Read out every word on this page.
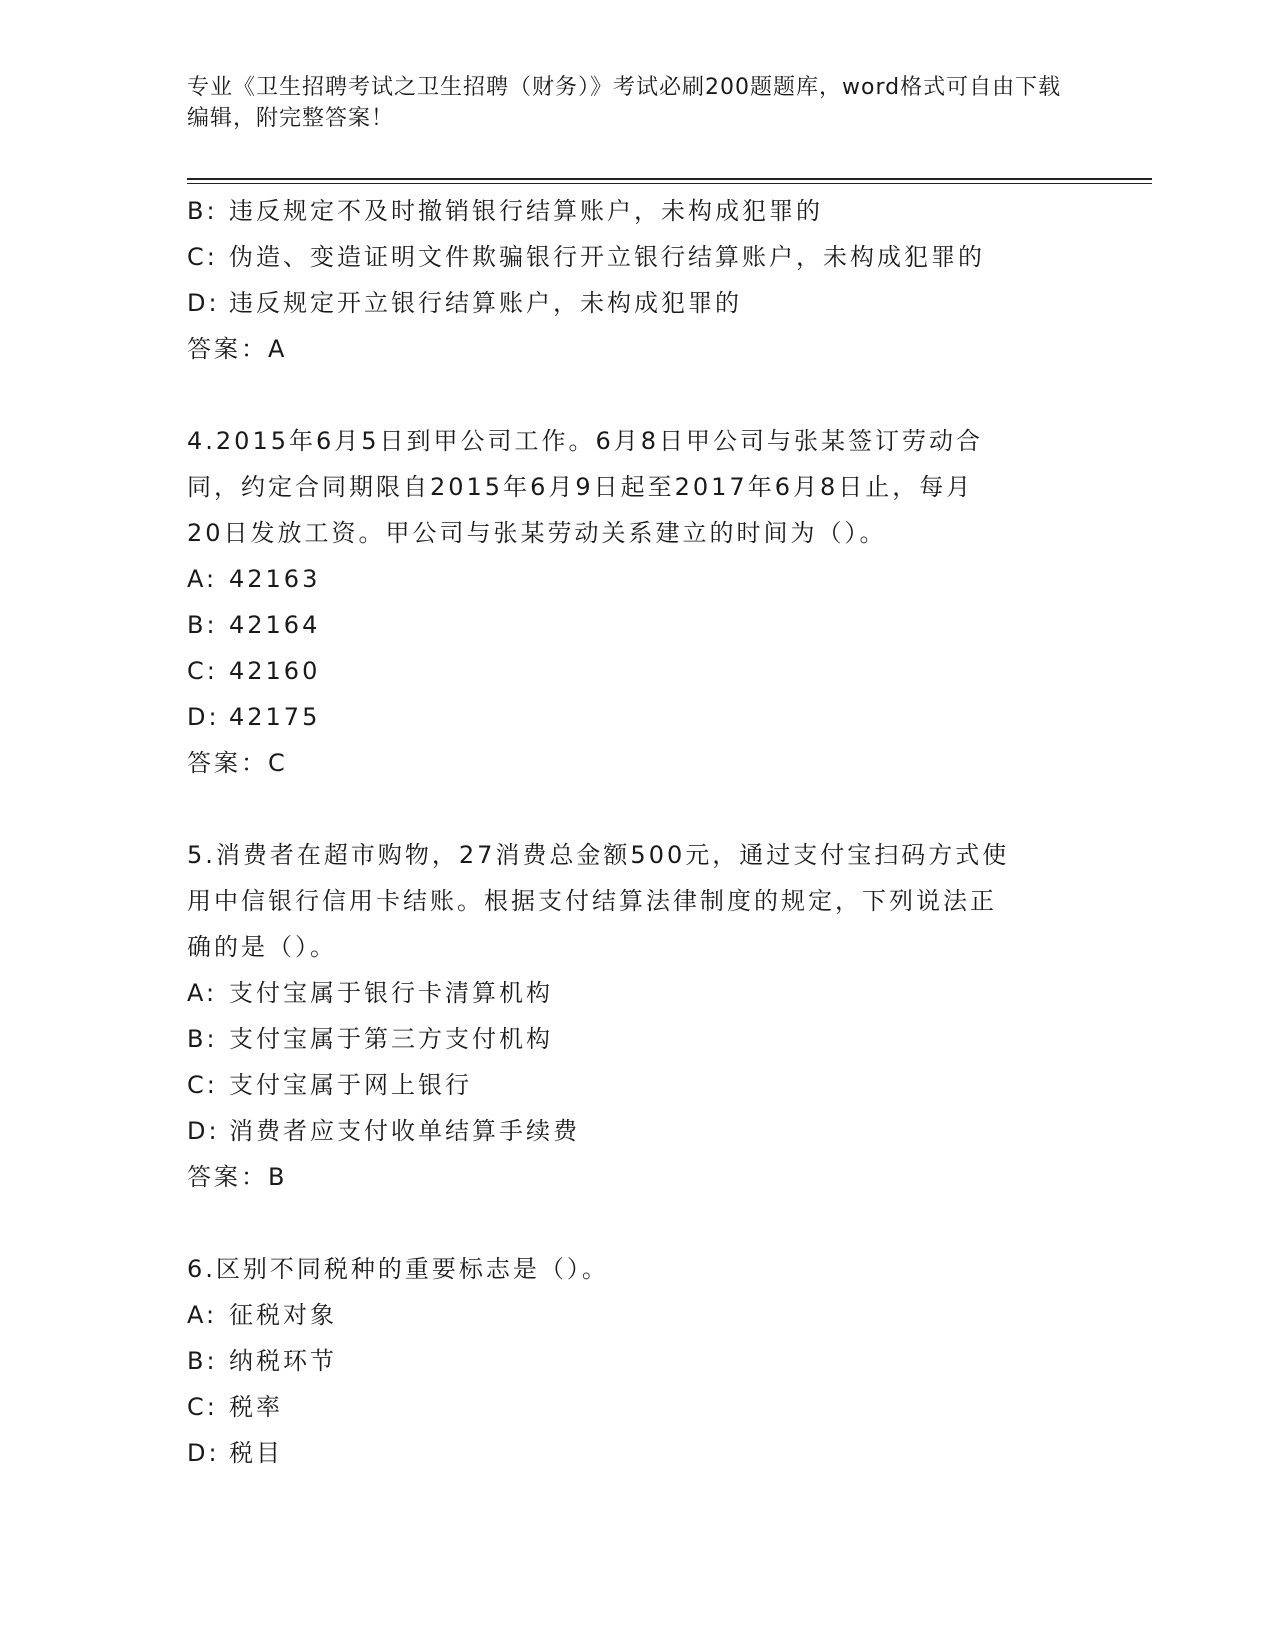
专业《卫生招聘考试之卫生招聘（财务）》考试必刷200题题库，word格式可自由下载编辑，附完整答案！
B: 违反规定不及时撤销银行结算账户，未构成犯罪的
C: 伪造、变造证明文件欺骗银行开立银行结算账户，未构成犯罪的
D: 违反规定开立银行结算账户，未构成犯罪的
答案：A
4.2015年6月5日到甲公司工作。6月8日甲公司与张某签订劳动合
同，约定合同期限自2015年6月9日起至2017年6月8日止，每月
20日发放工资。甲公司与张某劳动关系建立的时间为（）。
A: 42163
B: 42164
C: 42160
D: 42175
答案：C
5.消费者在超市购物，27消费总金额500元，通过支付宝扫码方式使
用中信银行信用卡结账。根据支付结算法律制度的规定，下列说法正
确的是（）。
A: 支付宝属于银行卡清算机构
B: 支付宝属于第三方支付机构
C: 支付宝属于网上银行
D: 消费者应支付收单结算手续费
答案：B
6.区别不同税种的重要标志是（）。
A: 征税对象
B: 纳税环节
C: 税率
D: 税目
